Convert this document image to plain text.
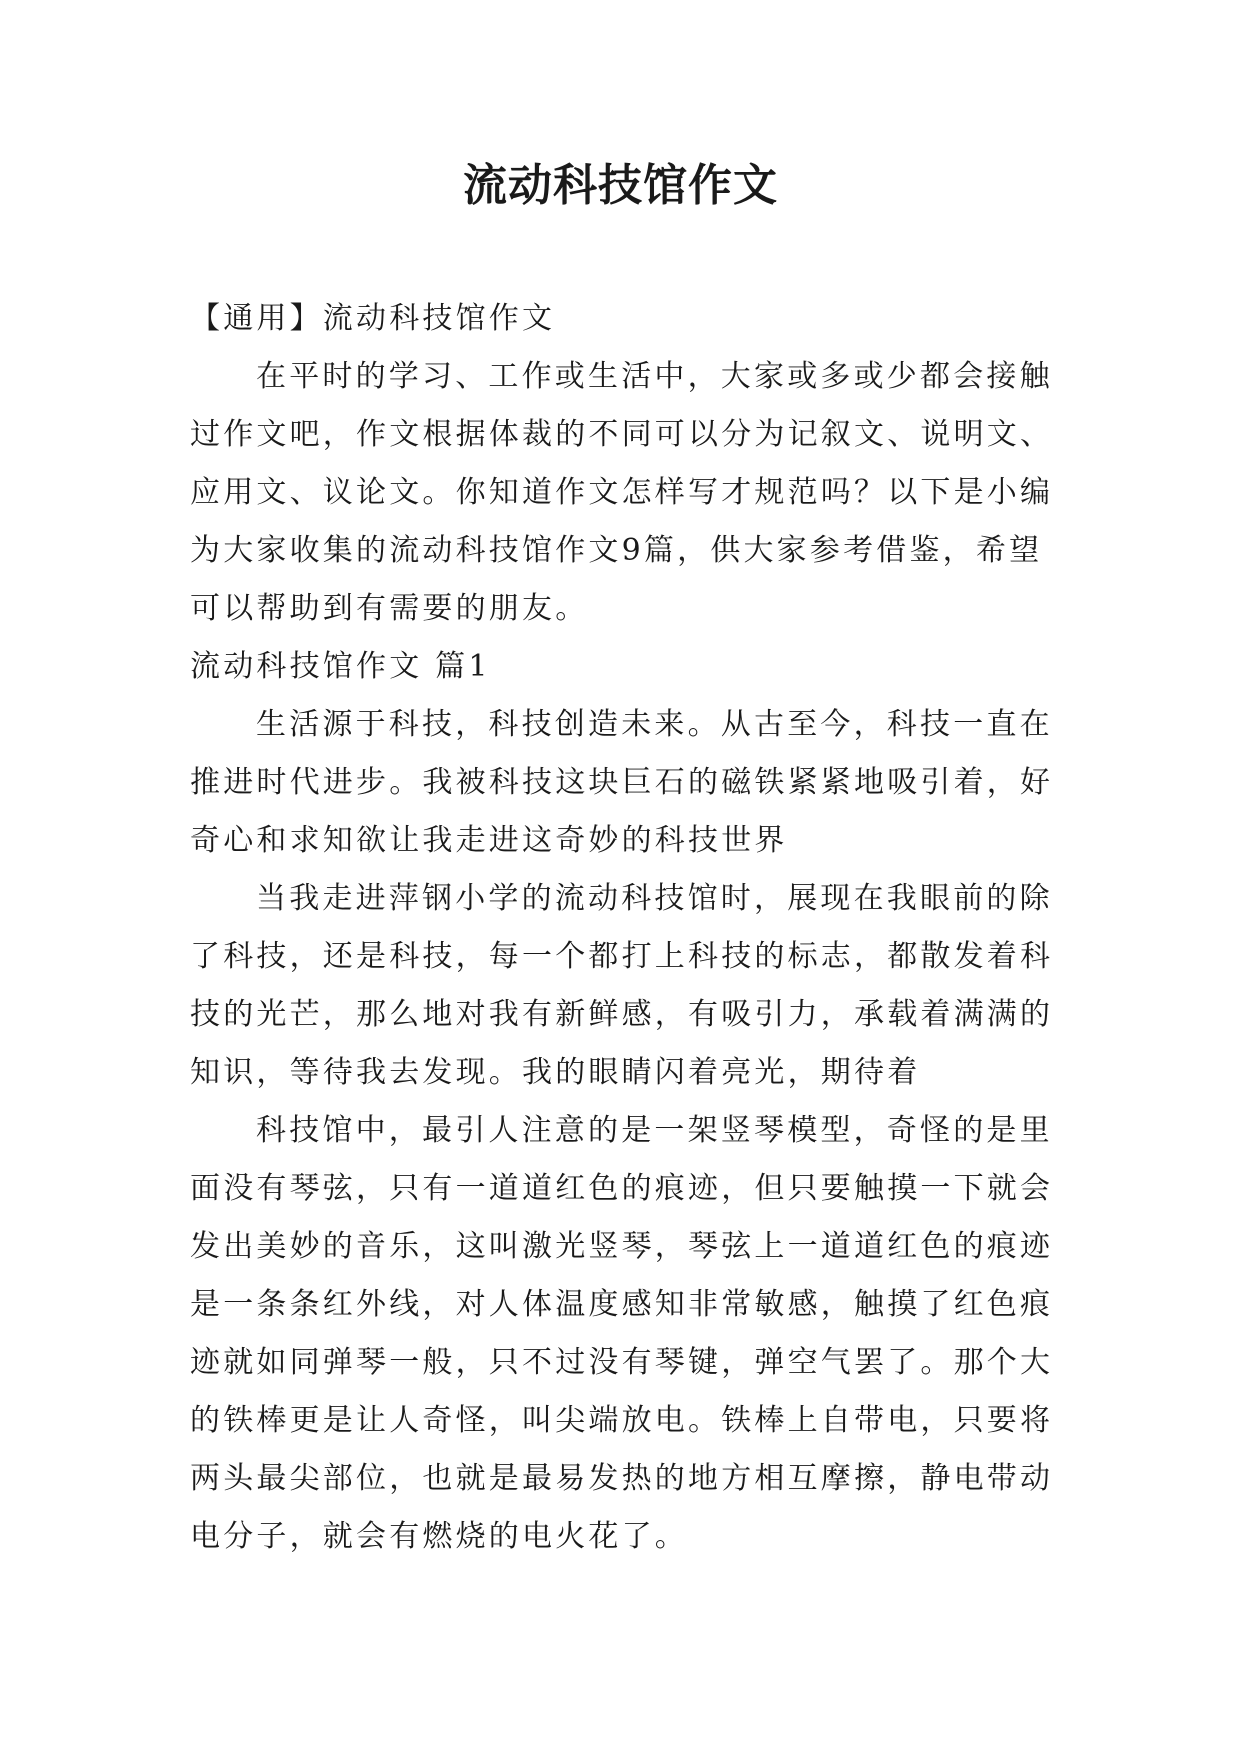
流动科技馆作文

【通用】流动科技馆作文

在平时的学习、工作或生活中，大家或多或少都会接触过作文吧，作文根据体裁的不同可以分为记叙文、说明文、应用文、议论文。你知道作文怎样写才规范吗？以下是小编为大家收集的流动科技馆作文9篇，供大家参考借鉴，希望可以帮助到有需要的朋友。

流动科技馆作文 篇1

生活源于科技，科技创造未来。从古至今，科技一直在推进时代进步。我被科技这块巨石的磁铁紧紧地吸引着，好奇心和求知欲让我走进这奇妙的科技世界

当我走进萍钢小学的流动科技馆时，展现在我眼前的除了科技，还是科技，每一个都打上科技的标志，都散发着科技的光芒，那么地对我有新鲜感，有吸引力，承载着满满的知识，等待我去发现。我的眼睛闪着亮光，期待着

科技馆中，最引人注意的是一架竖琴模型，奇怪的是里面没有琴弦，只有一道道红色的痕迹，但只要触摸一下就会发出美妙的音乐，这叫激光竖琴，琴弦上一道道红色的痕迹是一条条红外线，对人体温度感知非常敏感，触摸了红色痕迹就如同弹琴一般，只不过没有琴键，弹空气罢了。那个大的铁棒更是让人奇怪，叫尖端放电。铁棒上自带电，只要将两头最尖部位，也就是最易发热的地方相互摩擦，静电带动电分子，就会有燃烧的电火花了。
